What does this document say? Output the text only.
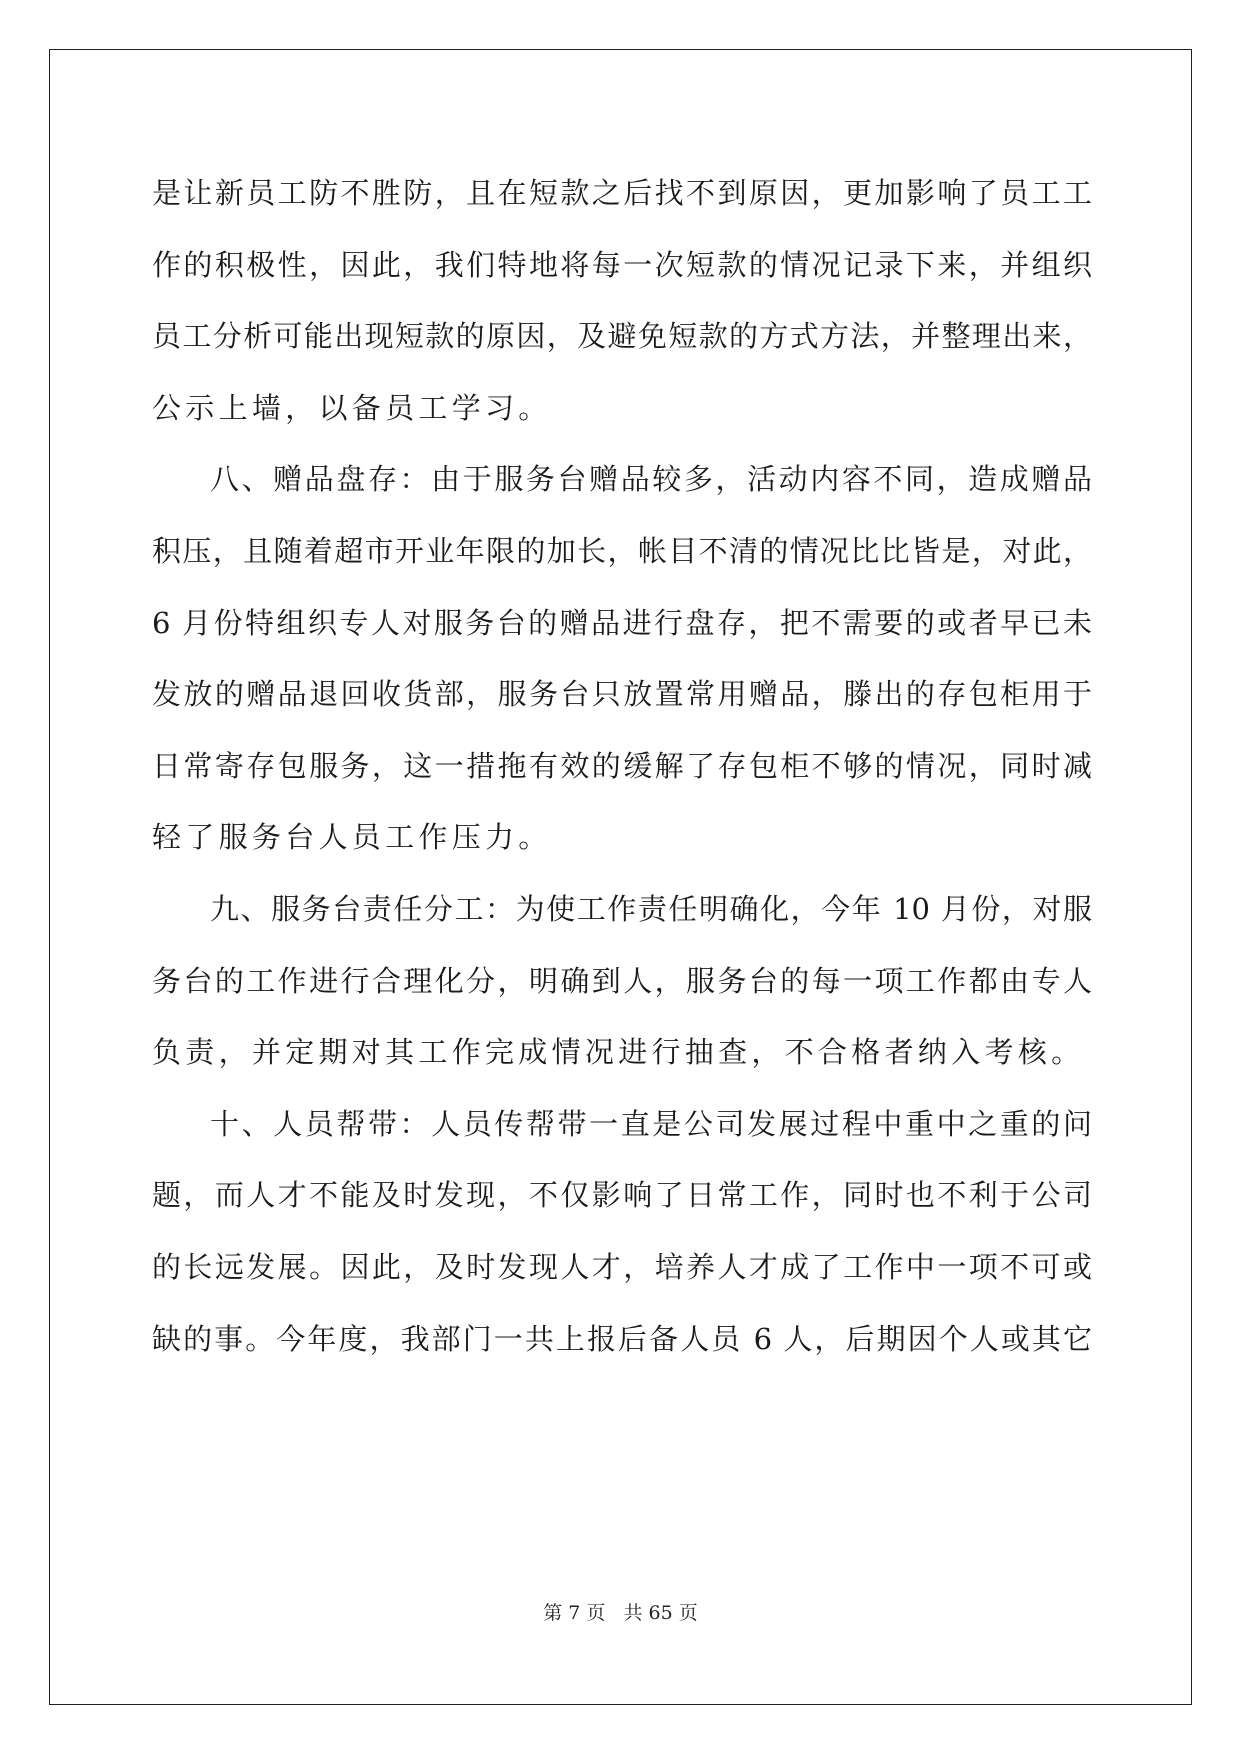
是让新员工防不胜防，且在短款之后找不到原因，更加影响了员工工
作的积极性，因此，我们特地将每一次短款的情况记录下来，并组织
员工分析可能出现短款的原因，及避免短款的方式方法，并整理出来，
公示上墙，以备员工学习。
八、赠品盘存：由于服务台赠品较多，活动内容不同，造成赠品
积压，且随着超市开业年限的加长，帐目不清的情况比比皆是，对此，
6 月份特组织专人对服务台的赠品进行盘存，把不需要的或者早已未
发放的赠品退回收货部，服务台只放置常用赠品，滕出的存包柜用于
日常寄存包服务，这一措拖有效的缓解了存包柜不够的情况，同时减
轻了服务台人员工作压力。
九、服务台责任分工：为使工作责任明确化，今年 10 月份，对服
务台的工作进行合理化分，明确到人，服务台的每一项工作都由专人
负责，并定期对其工作完成情况进行抽查，不合格者纳入考核。
十、人员帮带：人员传帮带一直是公司发展过程中重中之重的问
题，而人才不能及时发现，不仅影响了日常工作，同时也不利于公司
的长远发展。因此，及时发现人才，培养人才成了工作中一项不可或
缺的事。今年度，我部门一共上报后备人员 6 人，后期因个人或其它
第 7 页 共 65 页
